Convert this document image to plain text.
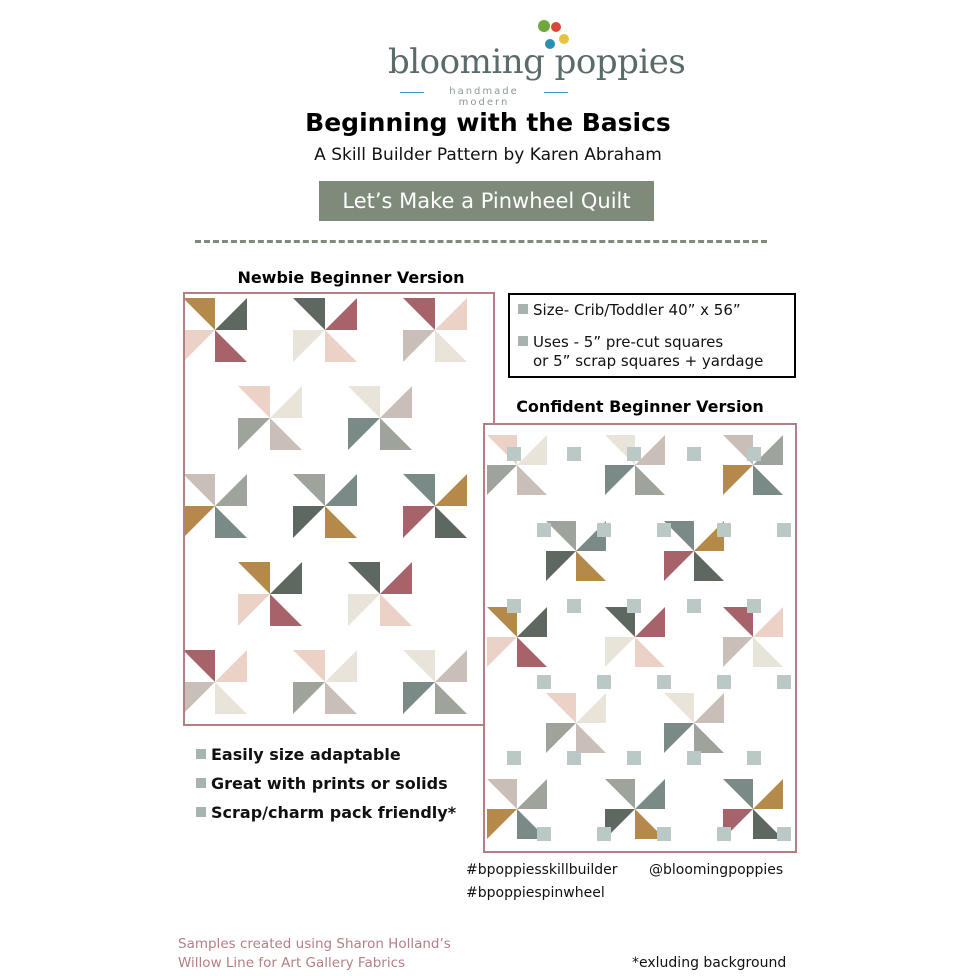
blooming poppies
handmade modern
Beginning with the Basics
A Skill Builder Pattern by Karen Abraham
Let’s Make a Pinwheel Quilt
Newbie Beginner Version
Size- Crib/Toddler 40” x 56”
Uses - 5” pre-cut squares
or 5” scrap squares + yardage
Confident Beginner Version
Easily size adaptable
Great with prints or solids
Scrap/charm pack friendly*
#bpoppiesskillbuilder
#bpoppiespinwheel
@bloomingpoppies
Samples created using Sharon Holland’s
Willow Line for Art Gallery Fabrics	*exluding background
